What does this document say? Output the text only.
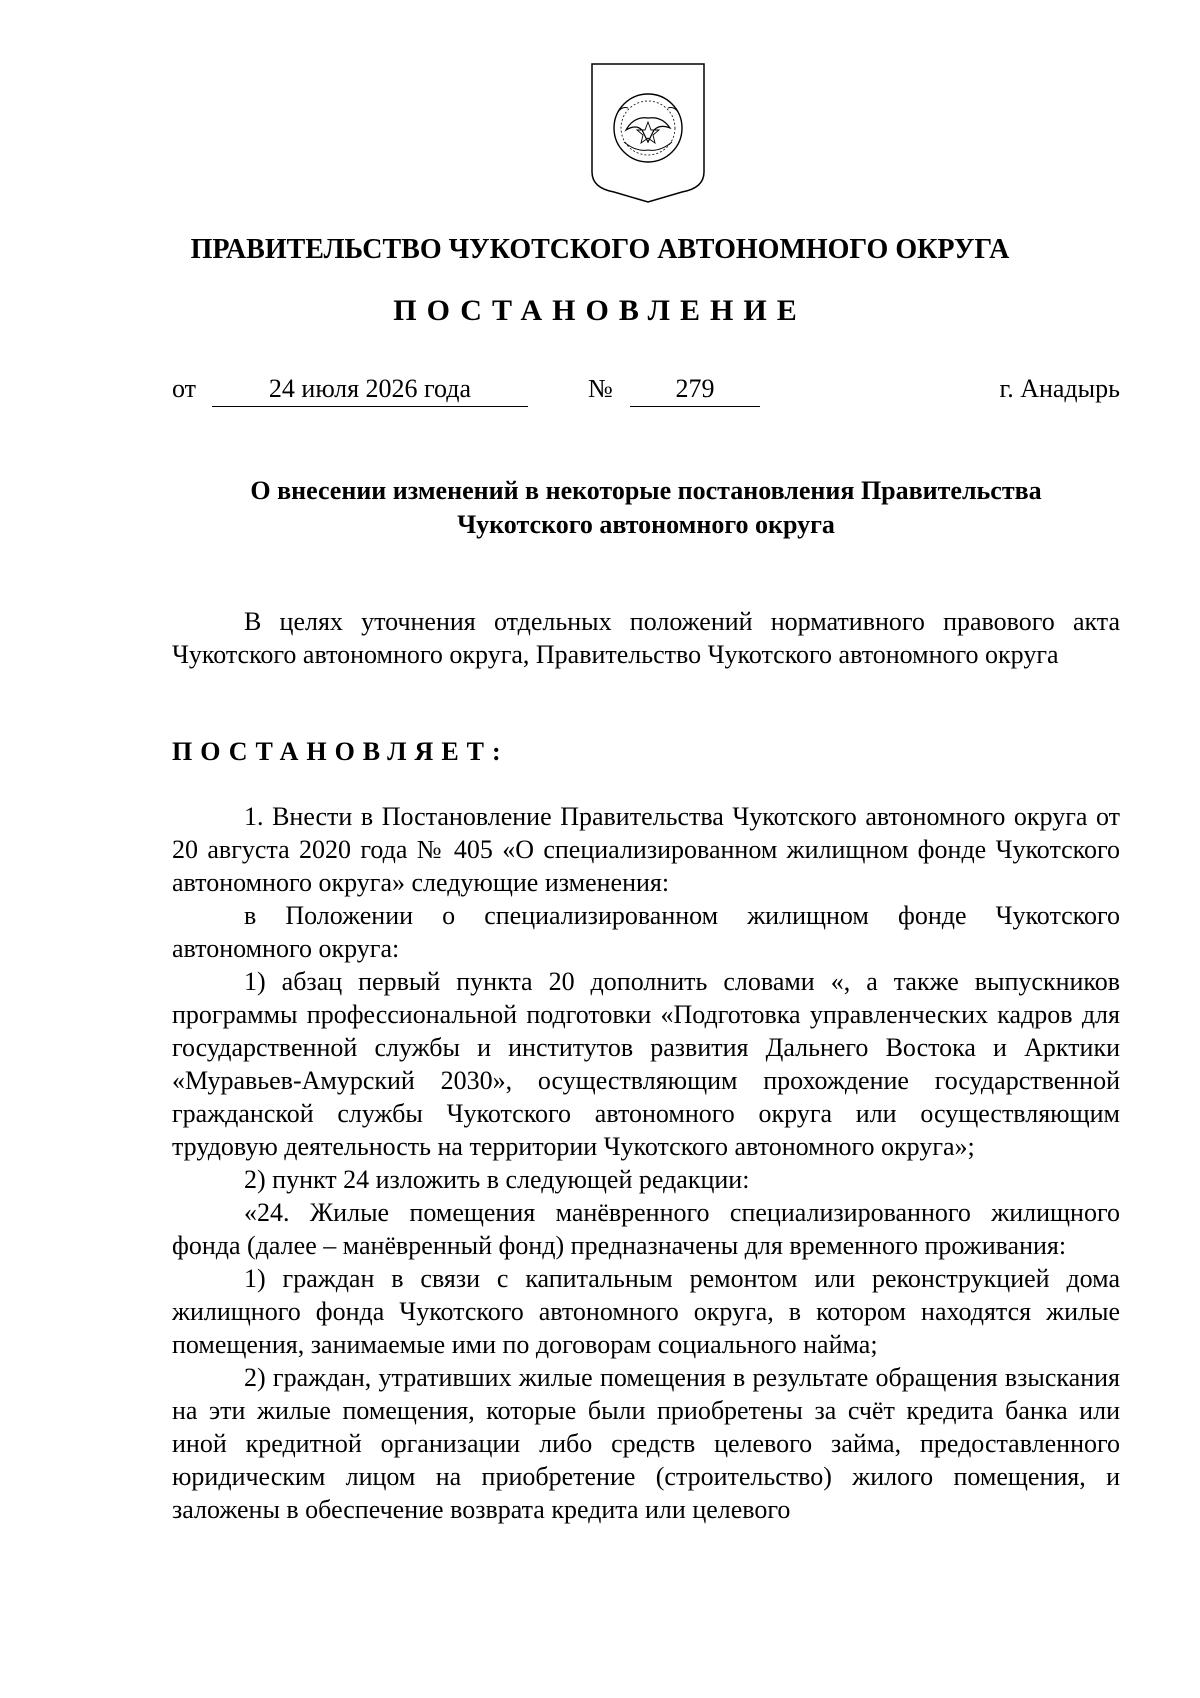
ПРАВИТЕЛЬСТВО ЧУКОТСКОГО АВТОНОМНОГО ОКРУГА
ПОСТАНОВЛЕНИЕ
от	24 июля 2026 года	№	279	г. Анадырь
О внесении изменений в некоторые постановления Правительства
Чукотского автономного округа

В целях уточнения отдельных положений нормативного правового акта Чукотского автономного округа, Правительство Чукотского автономного округа

ПОСТАНОВЛЯЕТ:

1. Внести в Постановление Правительства Чукотского автономного округа от 20 августа 2020 года № 405 «О специализированном жилищном фонде Чукотского автономного округа» следующие изменения:

в Положении о специализированном жилищном фонде Чукотского автономного округа:

1) абзац первый пункта 20 дополнить словами «, а также выпускников программы профессиональной подготовки «Подготовка управленческих кадров для государственной службы и институтов развития Дальнего Востока и Арктики «Муравьев-Амурский 2030», осуществляющим прохождение государственной гражданской службы Чукотского автономного округа или осуществляющим трудовую деятельность на территории Чукотского автономного округа»;

2) пункт 24 изложить в следующей редакции:

«24. Жилые помещения манёвренного специализированного жилищного фонда (далее – манёвренный фонд) предназначены для временного проживания:

1) граждан в связи с капитальным ремонтом или реконструкцией дома жилищного фонда Чукотского автономного округа, в котором находятся жилые помещения, занимаемые ими по договорам социального найма;

2) граждан, утративших жилые помещения в результате обращения взыскания на эти жилые помещения, которые были приобретены за счёт кредита банка или иной кредитной организации либо средств целевого займа, предоставленного юридическим лицом на приобретение (строительство) жилого помещения, и заложены в обеспечение возврата кредита или целевого
